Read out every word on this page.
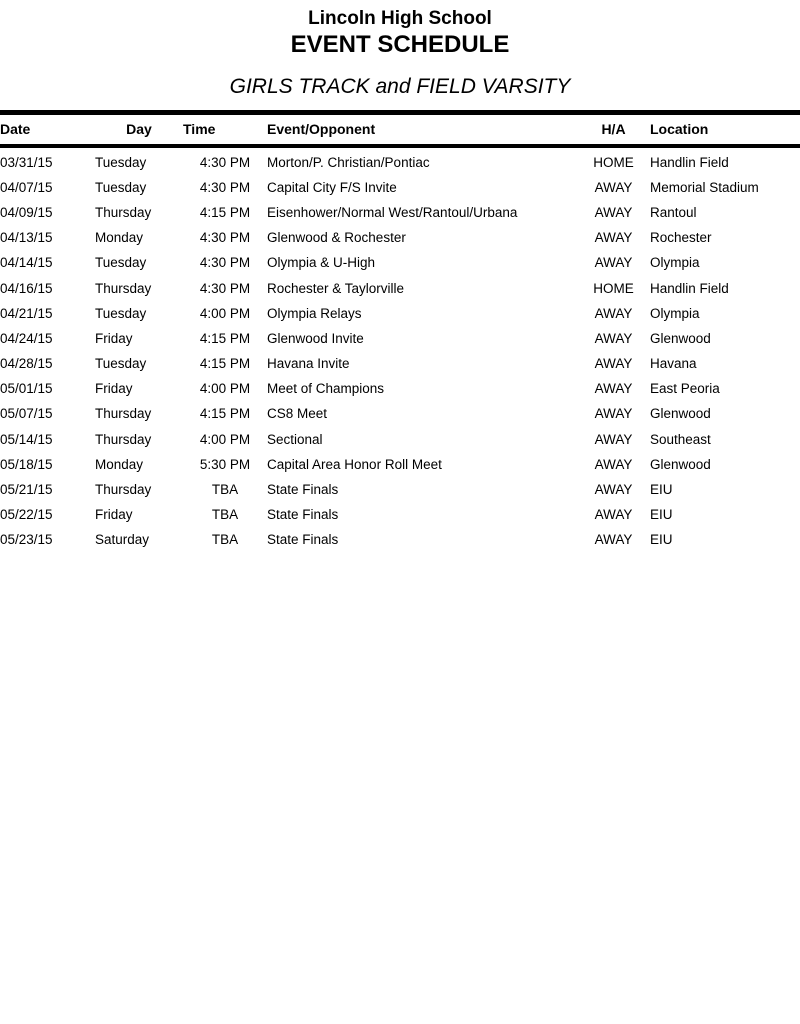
Lincoln High School
EVENT SCHEDULE
GIRLS TRACK and FIELD VARSITY
Date	Day	Time	Event/Opponent	H/A	Location
03/31/15	Tuesday	4:30 PM	Morton/P. Christian/Pontiac	HOME	Handlin Field
04/07/15	Tuesday	4:30 PM	Capital City F/S Invite	AWAY	Memorial Stadium
04/09/15	Thursday	4:15 PM	Eisenhower/Normal West/Rantoul/Urbana	AWAY	Rantoul
04/13/15	Monday	4:30 PM	Glenwood & Rochester	AWAY	Rochester
04/14/15	Tuesday	4:30 PM	Olympia & U-High	AWAY	Olympia
04/16/15	Thursday	4:30 PM	Rochester & Taylorville	HOME	Handlin Field
04/21/15	Tuesday	4:00 PM	Olympia Relays	AWAY	Olympia
04/24/15	Friday	4:15 PM	Glenwood Invite	AWAY	Glenwood
04/28/15	Tuesday	4:15 PM	Havana Invite	AWAY	Havana
05/01/15	Friday	4:00 PM	Meet of Champions	AWAY	East Peoria
05/07/15	Thursday	4:15 PM	CS8 Meet	AWAY	Glenwood
05/14/15	Thursday	4:00 PM	Sectional	AWAY	Southeast
05/18/15	Monday	5:30 PM	Capital Area Honor Roll Meet	AWAY	Glenwood
05/21/15	Thursday	TBA	State Finals	AWAY	EIU
05/22/15	Friday	TBA	State Finals	AWAY	EIU
05/23/15	Saturday	TBA	State Finals	AWAY	EIU
